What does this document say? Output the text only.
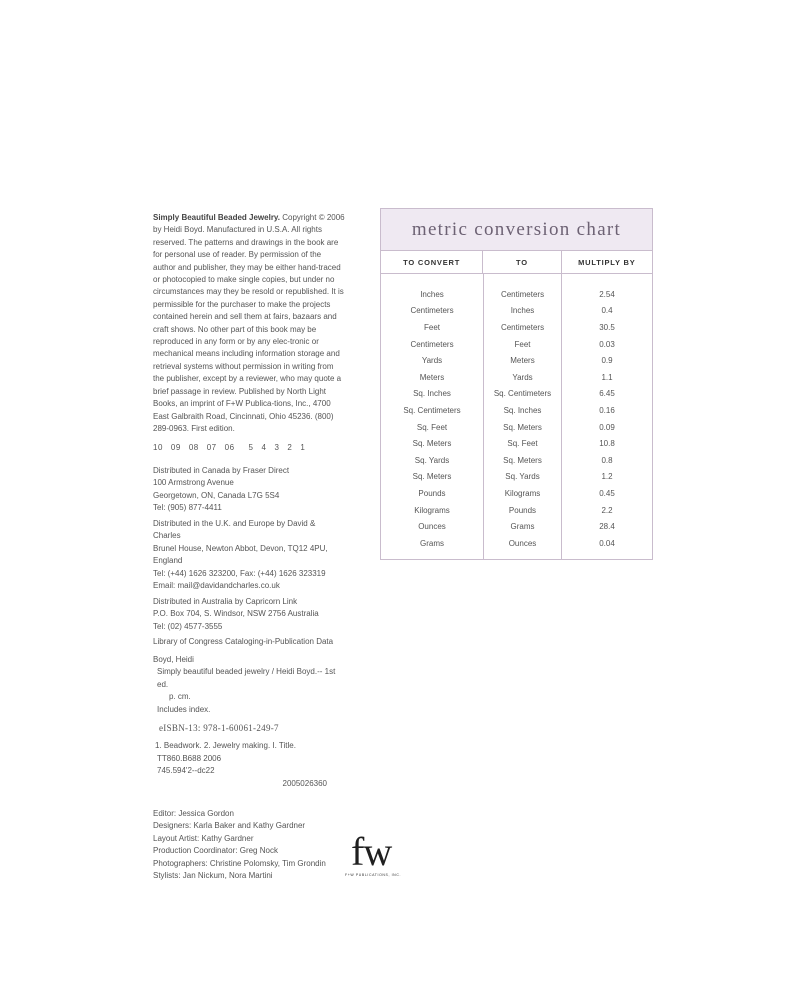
Simply Beautiful Beaded Jewelry. Copyright © 2006 by Heidi Boyd. Manufactured in U.S.A. All rights reserved. The patterns and drawings in the book are for personal use of reader. By permission of the author and publisher, they may be either hand-traced or photocopied to make single copies, but under no circumstances may they be resold or republished. It is permissible for the purchaser to make the projects contained herein and sell them at fairs, bazaars and craft shows. No other part of this book may be reproduced in any form or by any elec-tronic or mechanical means including information storage and retrieval systems without permission in writing from the publisher, except by a reviewer, who may quote a brief passage in review. Published by North Light Books, an imprint of F+W Publica-tions, Inc., 4700 East Galbraith Road, Cincinnati, Ohio 45236. (800) 289-0963. First edition.

10 09 08 07 06 5 4 3 2 1

Distributed in Canada by Fraser Direct

100 Armstrong Avenue

Georgetown, ON, Canada L7G 5S4

Tel: (905) 877-4411

Distributed in the U.K. and Europe by David & Charles

Brunel House, Newton Abbot, Devon, TQ12 4PU, England

Tel: (+44) 1626 323200, Fax: (+44) 1626 323319

Email: mail@davidandcharles.co.uk

Distributed in Australia by Capricorn Link

P.O. Box 704, S. Windsor, NSW 2756 Australia

Tel: (02) 4577-3555

Library of Congress Cataloging-in-Publication Data

Boyd, Heidi

Simply beautiful beaded jewelry / Heidi Boyd.-- 1st ed.

p. cm.

Includes index.

eISBN-13: 978-1-60061-249-7

1. Beadwork. 2. Jewelry making. I. Title.

TT860.B688 2006

745.594'2--dc22

2005026360

Editor: Jessica Gordon

Designers: Karla Baker and Kathy Gardner

Layout Artist: Kathy Gardner

Production Coordinator: Greg Nock

Photographers: Christine Polomsky, Tim Grondin

Stylists: Jan Nickum, Nora Martini

fw
F+W PUBLICATIONS, INC.
metric conversion chart
TO CONVERT	TO	MULTIPLY BY
Inches
Centimeters
Feet
Centimeters
Yards
Meters
Sq. Inches
Sq. Centimeters
Sq. Feet
Sq. Meters
Sq. Yards
Sq. Meters
Pounds
Kilograms
Ounces
Grams
Centimeters
Inches
Centimeters
Feet
Meters
Yards
Sq. Centimeters
Sq. Inches
Sq. Meters
Sq. Feet
Sq. Meters
Sq. Yards
Kilograms
Pounds
Grams
Ounces
2.54
0.4
30.5
0.03
0.9
1.1
6.45
0.16
0.09
10.8
0.8
1.2
0.45
2.2
28.4
0.04
